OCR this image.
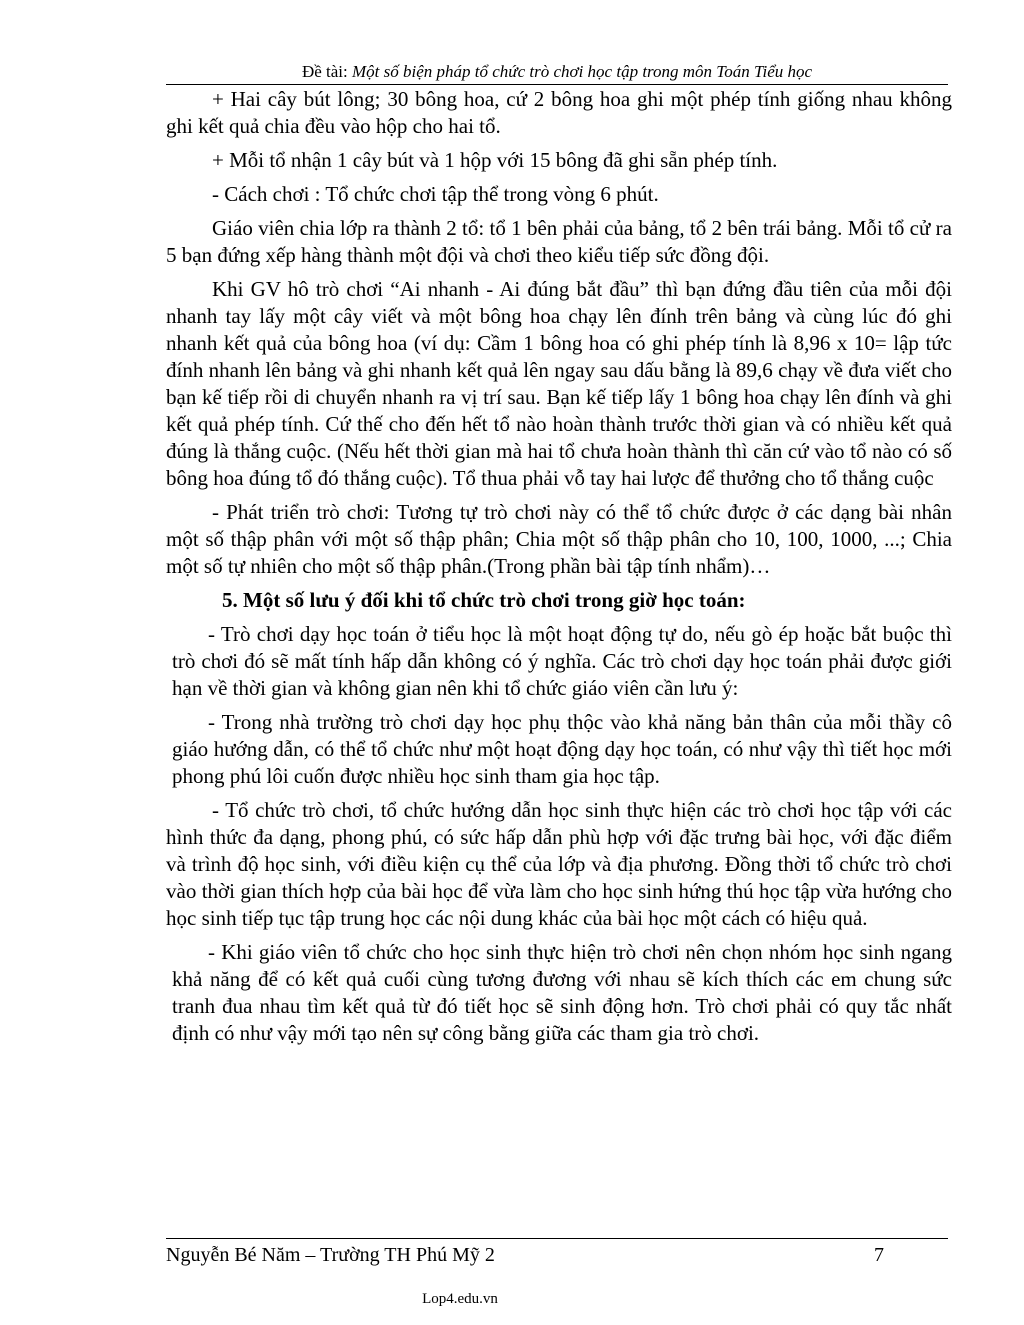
Đề tài: Một số biện pháp tổ chức trò chơi học tập trong môn Toán Tiểu học

+ Hai cây bút lông; 30 bông hoa, cứ 2 bông hoa ghi một phép tính giống nhau không ghi kết quả chia đều vào hộp cho hai tổ.

+ Mỗi tổ nhận 1 cây bút và 1 hộp với 15 bông đã ghi sẵn phép tính.

- Cách chơi : Tổ chức chơi tập thể trong vòng 6 phút.

Giáo viên chia lớp ra thành 2 tổ: tổ 1 bên phải của bảng, tổ 2 bên trái bảng. Mỗi tổ cử ra 5 bạn đứng xếp hàng thành một đội và chơi theo kiểu tiếp sức đồng đội.

Khi GV hô trò chơi “Ai nhanh - Ai đúng bắt đầu” thì bạn đứng đầu tiên của mỗi đội nhanh tay lấy một cây viết và một bông hoa chạy lên đính trên bảng và cùng lúc đó ghi nhanh kết quả của bông hoa (ví dụ: Cầm 1 bông hoa có ghi phép tính là 8,96 x 10= lập tức đính nhanh lên bảng và ghi nhanh kết quả lên ngay sau dấu bằng là 89,6 chạy về đưa viết cho bạn kế tiếp rồi di chuyển nhanh ra vị trí sau. Bạn kế tiếp lấy 1 bông hoa chạy lên đính và ghi kết quả phép tính. Cứ thế cho đến hết tổ nào hoàn thành trước thời gian và có nhiều kết quả đúng là thắng cuộc. (Nếu hết thời gian mà hai tổ chưa hoàn thành thì căn cứ vào tổ nào có số bông hoa đúng tổ đó thắng cuộc). Tổ thua phải vỗ tay hai lược để thưởng cho tổ thắng cuộc

- Phát triển trò chơi: Tương tự trò chơi này có thể tổ chức được ở các dạng bài nhân một số thập phân với một số thập phân; Chia một số thập phân cho 10, 100, 1000, ...; Chia một số tự nhiên cho một số thập phân.(Trong phần bài tập tính nhẩm)…

5. Một số lưu ý đối khi tổ chức trò chơi trong giờ học toán:

- Trò chơi dạy học toán ở tiểu học là một hoạt động tự do, nếu gò ép hoặc bắt buộc thì trò chơi đó sẽ mất tính hấp dẫn không có ý nghĩa. Các trò chơi dạy học toán phải được giới hạn về thời gian và không gian nên khi tổ chức giáo viên cần lưu ý:

- Trong nhà trường trò chơi dạy học phụ thộc vào khả năng bản thân của mỗi thầy cô giáo hướng dẫn, có thể tổ chức như một hoạt động dạy học toán, có như vậy thì tiết học mới phong phú lôi cuốn được nhiều học sinh tham gia học tập.

- Tổ chức trò chơi, tổ chức hướng dẫn học sinh thực hiện các trò chơi học tập với các hình thức đa dạng, phong phú, có sức hấp dẫn phù hợp với đặc trưng bài học, với đặc điểm và trình độ học sinh, với điều kiện cụ thể của lớp và địa phương. Đồng thời tổ chức trò chơi vào thời gian thích hợp của bài học để vừa làm cho học sinh hứng thú học tập vừa hướng cho học sinh tiếp tục tập trung học các nội dung khác của bài học một cách có hiệu quả.

- Khi giáo viên tổ chức cho học sinh thực hiện trò chơi nên chọn nhóm học sinh ngang khả năng để có kết quả cuối cùng tương đương với nhau sẽ kích thích các em chung sức tranh đua nhau tìm kết quả từ đó tiết học sẽ sinh động hơn. Trò chơi phải có quy tắc nhất định có như vậy mới tạo nên sự công bằng giữa các tham gia trò chơi.

Nguyễn Bé Năm – Trường TH Phú Mỹ 2	7
Lop4.edu.vn
